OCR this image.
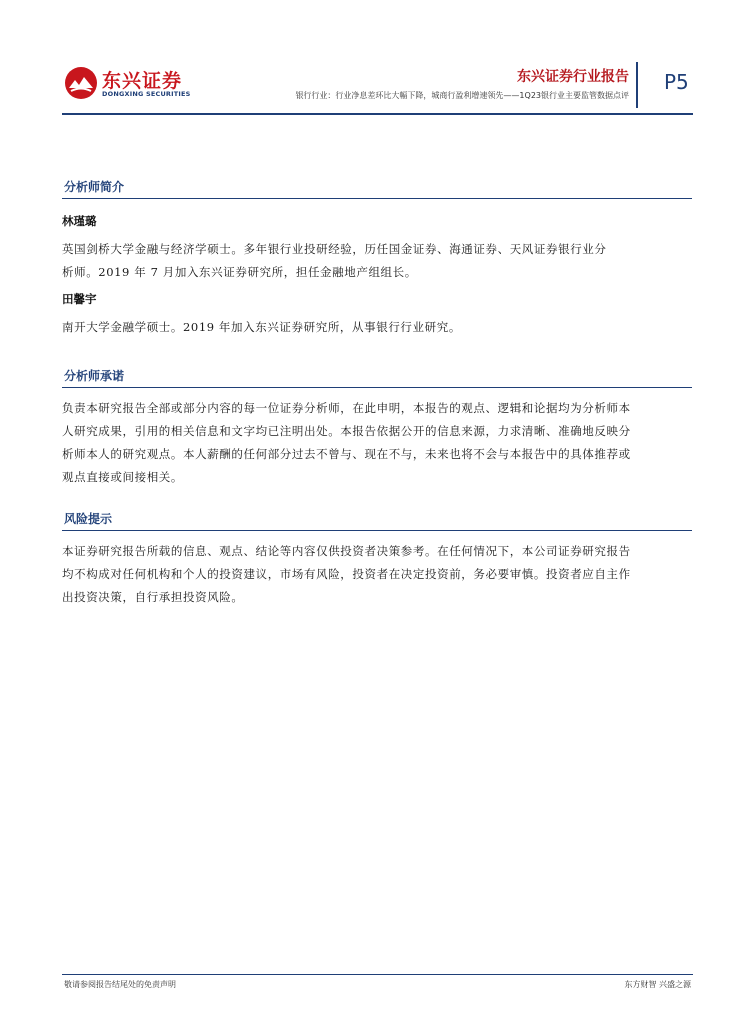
东兴证券
DONGXING SECURITIES
东兴证券行业报告
银行行业：行业净息差环比大幅下降，城商行盈利增速领先——1Q23银行业主要监管数据点评
P5
分析师简介
林瑾璐
英国剑桥大学金融与经济学硕士。多年银行业投研经验，历任国金证券、海通证券、天风证券银行业分
析师。2019 年 7 月加入东兴证券研究所，担任金融地产组组长。
田馨宇
南开大学金融学硕士。2019 年加入东兴证券研究所，从事银行行业研究。
分析师承诺
负责本研究报告全部或部分内容的每一位证券分析师，在此申明，本报告的观点、逻辑和论据均为分析师本
人研究成果，引用的相关信息和文字均已注明出处。本报告依据公开的信息来源，力求清晰、准确地反映分
析师本人的研究观点。本人薪酬的任何部分过去不曾与、现在不与，未来也将不会与本报告中的具体推荐或
观点直接或间接相关。
风险提示
本证券研究报告所载的信息、观点、结论等内容仅供投资者决策参考。在任何情况下，本公司证券研究报告
均不构成对任何机构和个人的投资建议，市场有风险，投资者在决定投资前，务必要审慎。投资者应自主作
出投资决策，自行承担投资风险。
敬请参阅报告结尾处的免责声明	东方财智 兴盛之源
